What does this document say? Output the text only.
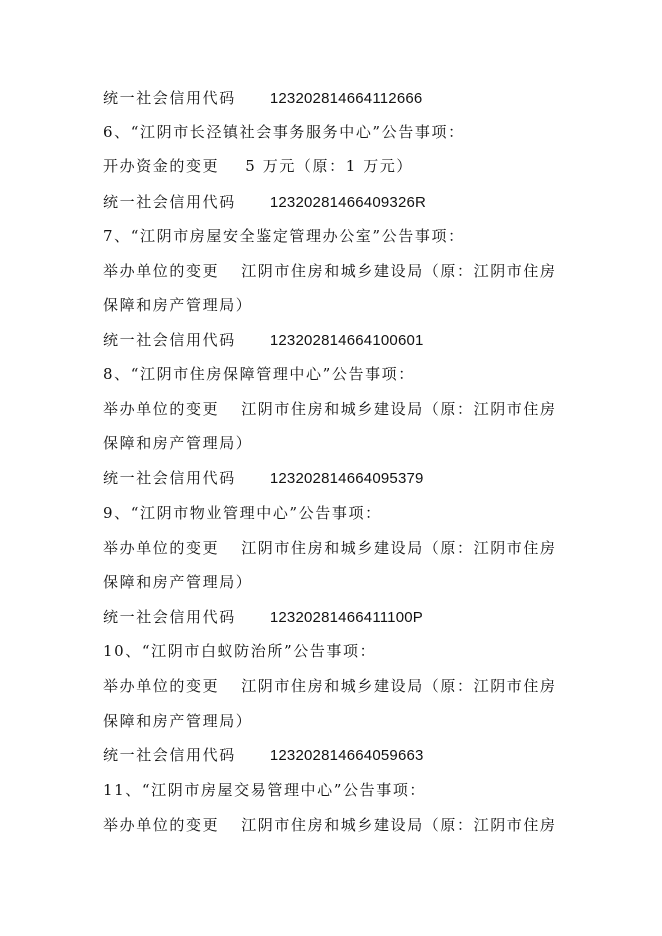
统一社会信用代码 123202814664112666
6、“江阴市长泾镇社会事务服务中心”公告事项：
开办资金的变更 5 万元（原：1 万元）
统一社会信用代码 12320281466409326R
7、“江阴市房屋安全鉴定管理办公室”公告事项：
举办单位的变更 江阴市住房和城乡建设局（原：江阴市住房
保障和房产管理局）
统一社会信用代码 123202814664100601
8、“江阴市住房保障管理中心”公告事项：
举办单位的变更 江阴市住房和城乡建设局（原：江阴市住房
保障和房产管理局）
统一社会信用代码 123202814664095379
9、“江阴市物业管理中心”公告事项：
举办单位的变更 江阴市住房和城乡建设局（原：江阴市住房
保障和房产管理局）
统一社会信用代码 12320281466411100P
10、“江阴市白蚁防治所”公告事项：
举办单位的变更 江阴市住房和城乡建设局（原：江阴市住房
保障和房产管理局）
统一社会信用代码 123202814664059663
11、“江阴市房屋交易管理中心”公告事项：
举办单位的变更 江阴市住房和城乡建设局（原：江阴市住房
